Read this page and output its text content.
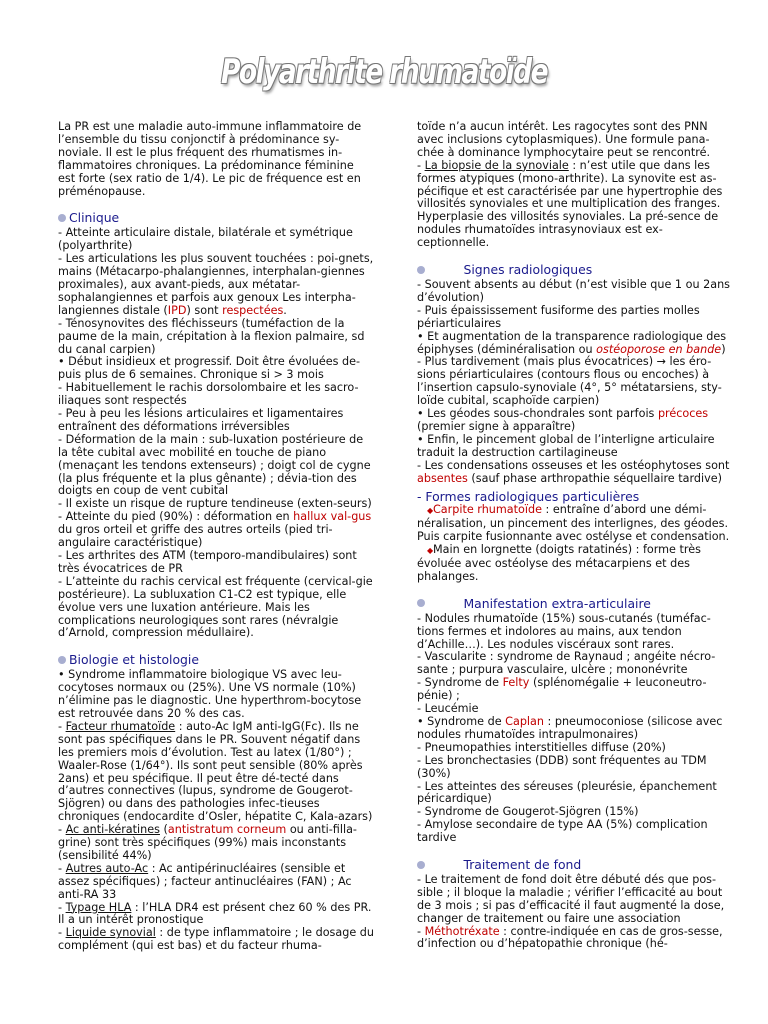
Polyarthrite rhumatoïde

La PR est une maladie auto-immune inflammatoire de l’ensemble du tissu conjonctif à prédominance sy-noviale. Il est le plus fréquent des rhumatismes in-flammatoires chroniques. La prédominance féminine est forte (sex ratio de 1/4). Le pic de fréquence est en préménopause.

Clinique

- Atteinte articulaire distale, bilatérale et symétrique (polyarthrite)

- Les articulations les plus souvent touchées : poi-gnets, mains (Métacarpo-phalangiennes, interphalan-giennes proximales), aux avant-pieds, aux métatar-sophalangiennes et parfois aux genoux Les interpha-langiennes distale (IPD) sont respectées.

- Ténosynovites des fléchisseurs (tuméfaction de la paume de la main, crépitation à la flexion palmaire, sd du canal carpien)

• Début insidieux et progressif. Doit être évoluées de-puis plus de 6 semaines. Chronique si > 3 mois

- Habituellement le rachis dorsolombaire et les sacro-iliaques sont respectés

- Peu à peu les lésions articulaires et ligamentaires entraînent des déformations irréversibles

- Déformation de la main : sub-luxation postérieure de la tête cubital avec mobilité en touche de piano (menaçant les tendons extenseurs) ; doigt col de cygne (la plus fréquente et la plus gênante) ; dévia-tion des doigts en coup de vent cubital

- Il existe un risque de rupture tendineuse (exten-seurs)

- Atteinte du pied (90%) : déformation en hallux val-gus du gros orteil et griffe des autres orteils (pied tri-angulaire caractéristique)

- Les arthrites des ATM (temporo-mandibulaires) sont très évocatrices de PR

- L’atteinte du rachis cervical est fréquente (cervical-gie postérieure). La subluxation C1-C2 est typique, elle évolue vers une luxation antérieure. Mais les complications neurologiques sont rares (névralgie d’Arnold, compression médullaire).

Biologie et histologie

• Syndrome inflammatoire biologique VS avec leu-cocytoses normaux ou (25%). Une VS normale (10%) n’élimine pas le diagnostic. Une hyperthrom-bocytose est retrouvée dans 20 % des cas.

- Facteur rhumatoïde : auto-Ac IgM anti-IgG(Fc). Ils ne sont pas spécifiques dans le PR. Souvent négatif dans les premiers mois d’évolution. Test au latex (1/80°) ; Waaler-Rose (1/64°). Ils sont peut sensible (80% après 2ans) et peu spécifique. Il peut être dé-tecté dans d’autres connectives (lupus, syndrome de Gougerot-Sjögren) ou dans des pathologies infec-tieuses chroniques (endocardite d’Osler, hépatite C, Kala-azars)

- Ac anti-kératines (antistratum corneum ou anti-filla-grine) sont très spécifiques (99%) mais inconstants (sensibilité 44%)

- Autres auto-Ac : Ac antipérinucléaires (sensible et assez spécifiques) ; facteur antinucléaires (FAN) ; Ac anti-RA 33

- Typage HLA : l’HLA DR4 est présent chez 60 % des PR. Il a un intérêt pronostique

- Liquide synovial : de type inflammatoire ; le dosage du complément (qui est bas) et du facteur rhuma-

toïde n’a aucun intérêt. Les ragocytes sont des PNN avec inclusions cytoplasmiques). Une formule pana-chée à dominance lymphocytaire peut se rencontré.

- La biopsie de la synoviale : n’est utile que dans les formes atypiques (mono-arthrite). La synovite est as-pécifique et est caractérisée par une hypertrophie des villosités synoviales et une multiplication des franges. Hyperplasie des villosités synoviales. La pré-sence de nodules rhumatoïdes intrasynoviaux est ex-ceptionnelle.

Signes radiologiques

- Souvent absents au début (n’est visible que 1 ou 2ans d’évolution)

- Puis épaississement fusiforme des parties molles périarticulaires

• Et augmentation de la transparence radiologique des épiphyses (déminéralisation ou ostéoporose en bande)

- Plus tardivement (mais plus évocatrices) → les éro-sions périarticulaires (contours flous ou encoches) à l’insertion capsulo-synoviale (4°, 5° métatarsiens, sty-loïde cubital, scaphoïde carpien)

• Les géodes sous-chondrales sont parfois précoces (premier signe à apparaître)

• Enfin, le pincement global de l’interligne articulaire traduit la destruction cartilagineuse

- Les condensations osseuses et les ostéophytoses sont absentes (sauf phase arthropathie séquellaire tardive)

- Formes radiologiques particulières

◆Carpite rhumatoïde : entraîne d’abord une démi-néralisation, un pincement des interlignes, des géodes. Puis carpite fusionnante avec ostélyse et condensation.

◆Main en lorgnette (doigts ratatinés) : forme très évoluée avec ostéolyse des métacarpiens et des phalanges.

Manifestation extra-articulaire

- Nodules rhumatoïde (15%) sous-cutanés (tuméfac-tions fermes et indolores au mains, aux tendon d’Achille…). Les nodules viscéraux sont rares.

- Vascularite : syndrome de Raynaud ; angéite nécro-sante ; purpura vasculaire, ulcère ; mononévrite

- Syndrome de Felty (splénomégalie + leuconeutro-pénie) ;

- Leucémie

• Syndrome de Caplan : pneumoconiose (silicose avec nodules rhumatoïdes intrapulmonaires)

- Pneumopathies interstitielles diffuse (20%)

- Les bronchectasies (DDB) sont fréquentes au TDM (30%)

- Les atteintes des séreuses (pleurésie, épanchement péricardique)

- Syndrome de Gougerot-Sjögren (15%)

- Amylose secondaire de type AA (5%) complication tardive

Traitement de fond

- Le traitement de fond doit être débuté dés que pos-sible ; il bloque la maladie ; vérifier l’efficacité au bout de 3 mois ; si pas d’efficacité il faut augmenté la dose, changer de traitement ou faire une association

- Méthotréxate : contre-indiquée en cas de gros-sesse, d’infection ou d’hépatopathie chronique (hé-
